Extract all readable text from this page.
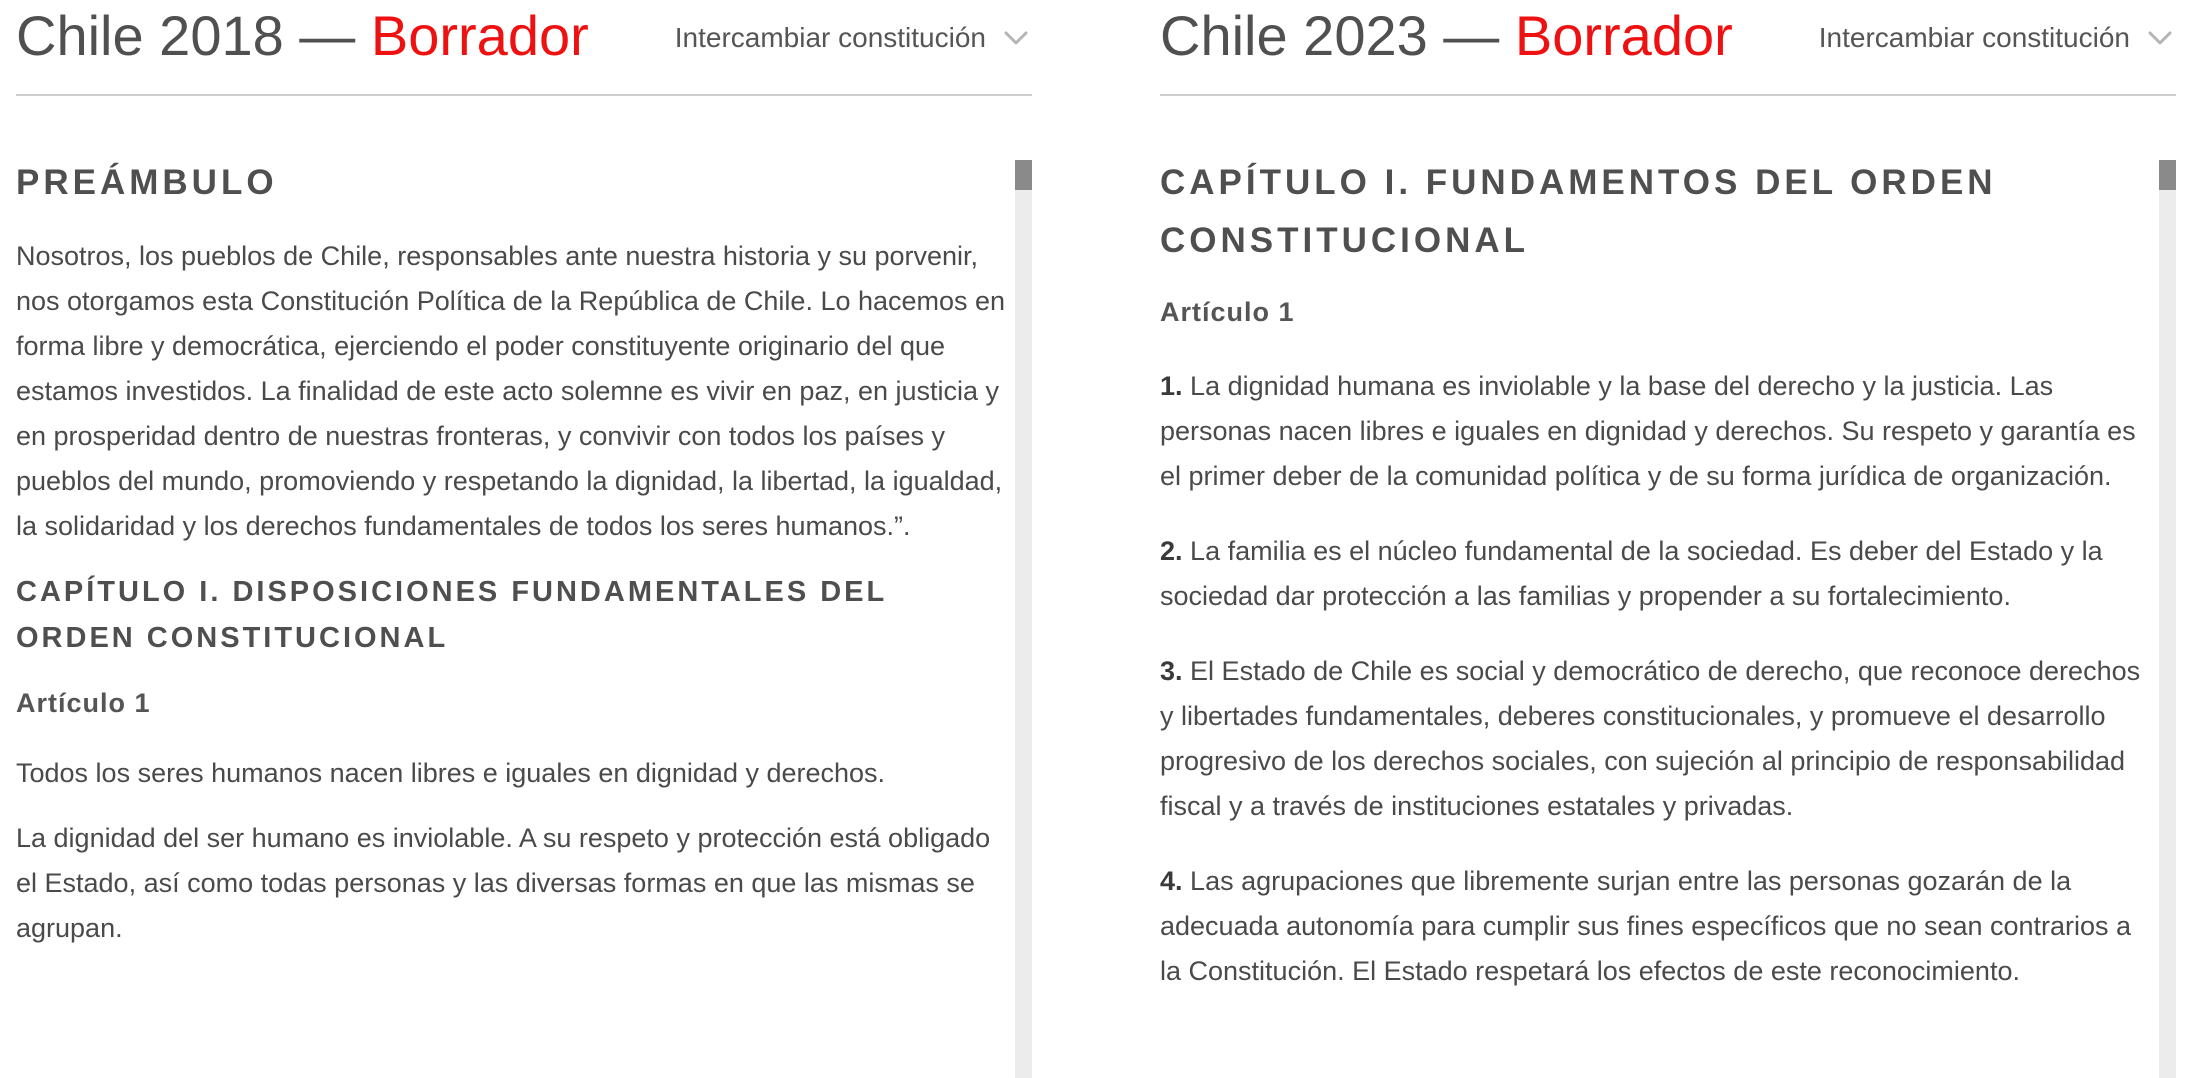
Chile 2018 — Borrador	Intercambiar constitución
PREÁMBULO

Nosotros, los pueblos de Chile, responsables ante nuestra historia y su porvenir, nos otorgamos esta Constitución Política de la República de Chile. Lo hacemos en forma libre y democrática, ejerciendo el poder constituyente originario del que estamos investidos. La finalidad de este acto solemne es vivir en paz, en justicia y en prosperidad dentro de nuestras fronteras, y convivir con todos los países y pueblos del mundo, promoviendo y respetando la dignidad, la libertad, la igualdad, la solidaridad y los derechos fundamentales de todos los seres humanos.”.

CAPÍTULO I. DISPOSICIONES FUNDAMENTALES DEL ORDEN CONSTITUCIONAL
Artículo 1

Todos los seres humanos nacen libres e iguales en dignidad y derechos.

La dignidad del ser humano es inviolable. A su respeto y protección está obligado el Estado, así como todas personas y las diversas formas en que las mismas se agrupan.

Chile 2023 — Borrador	Intercambiar constitución
CAPÍTULO I. FUNDAMENTOS DEL ORDEN CONSTITUCIONAL
Artículo 1

1. La dignidad humana es inviolable y la base del derecho y la justicia. Las personas nacen libres e iguales en dignidad y derechos. Su respeto y garantía es el primer deber de la comunidad política y de su forma jurídica de organización.

2. La familia es el núcleo fundamental de la sociedad. Es deber del Estado y la sociedad dar protección a las familias y propender a su fortalecimiento.

3. El Estado de Chile es social y democrático de derecho, que reconoce derechos y libertades fundamentales, deberes constitucionales, y promueve el desarrollo progresivo de los derechos sociales, con sujeción al principio de responsabilidad fiscal y a través de instituciones estatales y privadas.

4. Las agrupaciones que libremente surjan entre las personas gozarán de la adecuada autonomía para cumplir sus fines específicos que no sean contrarios a la Constitución. El Estado respetará los efectos de este reconocimiento.
